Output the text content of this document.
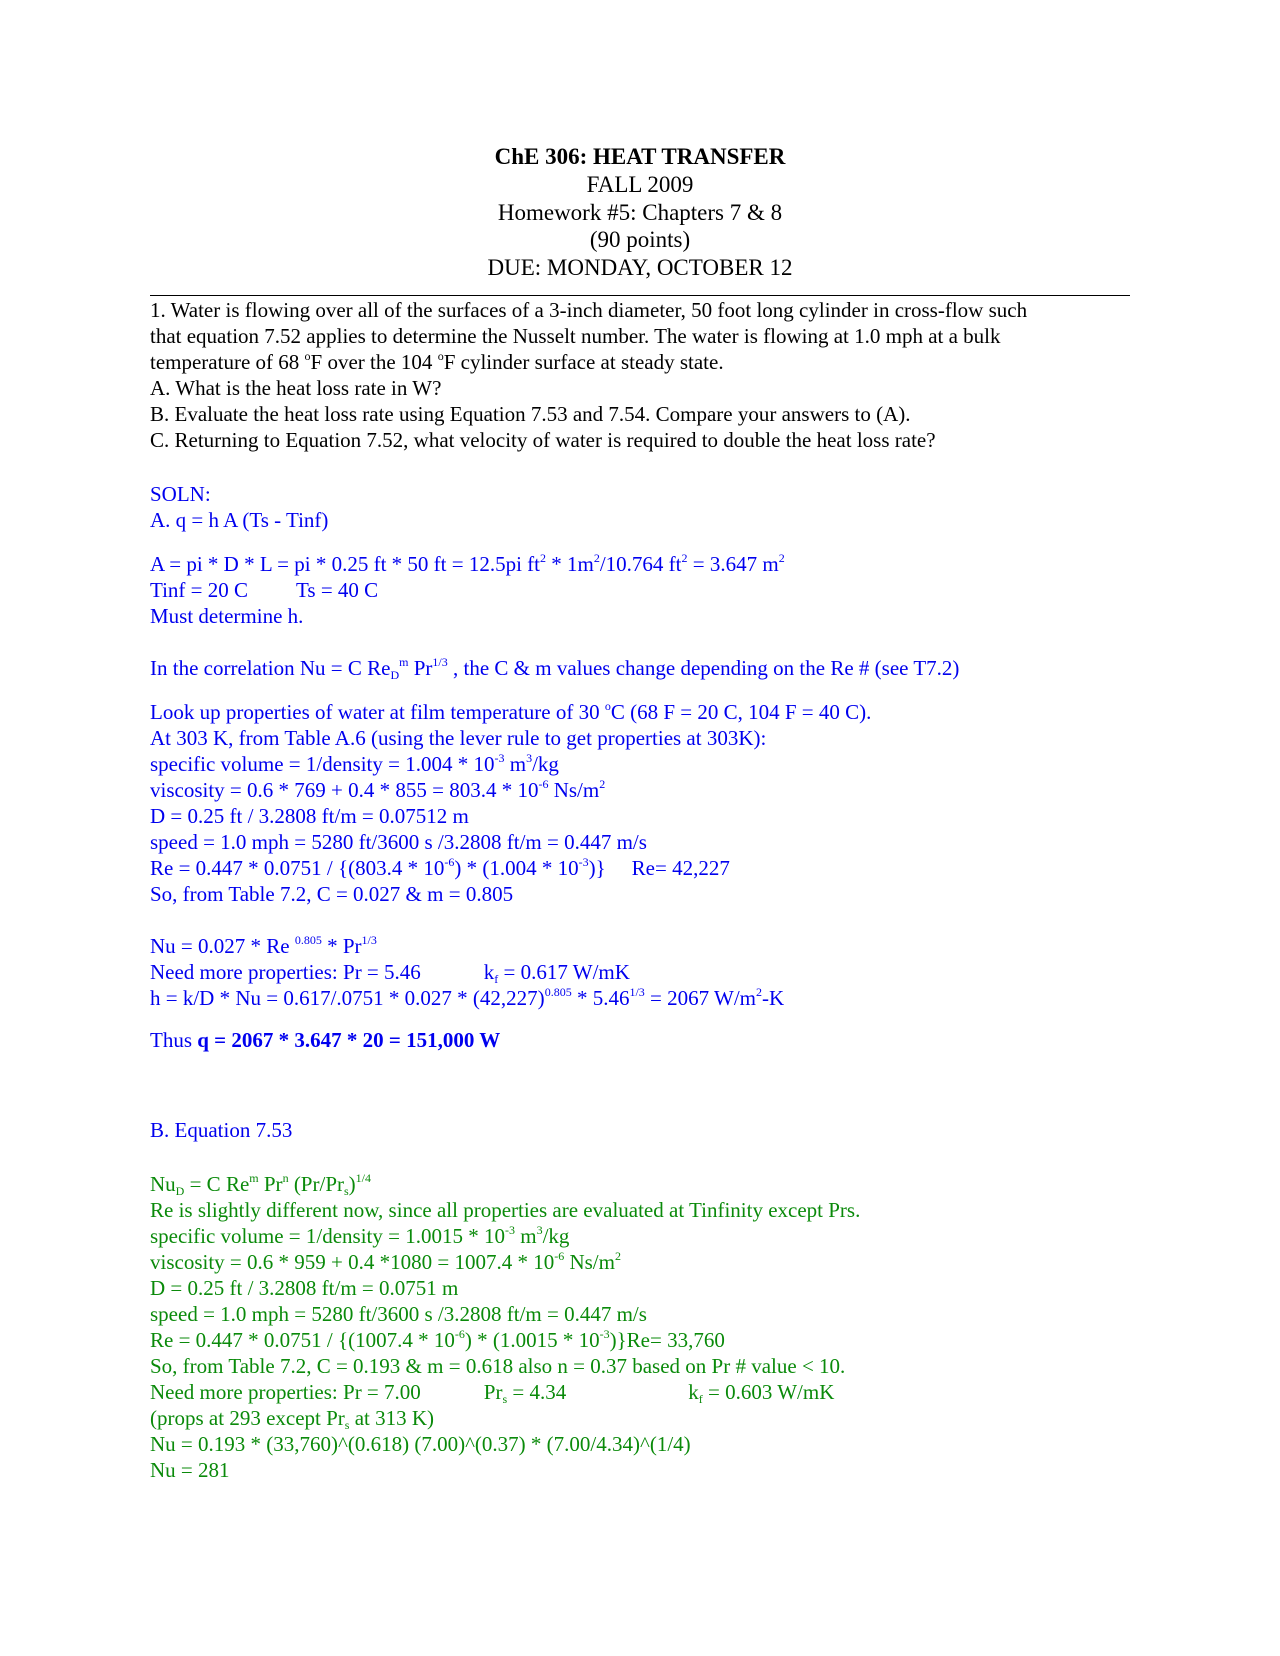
ChE 306: HEAT TRANSFER
FALL 2009
Homework #5: Chapters 7 & 8
(90 points)
DUE: MONDAY, OCTOBER 12
1. Water is flowing over all of the surfaces of a 3-inch diameter, 50 foot long cylinder in cross-flow such
that equation 7.52 applies to determine the Nusselt number. The water is flowing at 1.0 mph at a bulk
temperature of 68 $^o$F over the 104 $^o$F cylinder surface at steady state.
A. What is the heat loss rate in W?
B. Evaluate the heat loss rate using Equation 7.53 and 7.54. Compare your answers to (A).
C. Returning to Equation 7.52, what velocity of water is required to double the heat loss rate?
SOLN:
A. q = h A (Ts - Tinf)
A = pi * D * L = pi * 0.25 ft * 50 ft = 12.5pi $ft^2 * 1m^2/10.764$ $ft^2 = 3.647$ $m^2$
Tinf = 20 C Ts = 40 C
Must determine h.
In the correlation Nu = C $Re_D^m$ $Pr^{1/3}$ , the C & m values change depending on the Re # (see T7.2)
Look up properties of water at film temperature of 30 $^o$C (68 F = 20 C, 104 F = 40 C).
At 303 K, from Table A.6 (using the lever rule to get properties at 303K):
specific volume = 1/density = $1.004 * 10^{-3}$ $m^3/kg$
viscosity = $0.6 * 769 + 0.4 * 855 = 803.4 * 10^{-6}$ $Ns/m^2$
D = 0.25 ft / 3.2808 ft/m = 0.07512 m
speed = 1.0 mph = 5280 ft/3600 s /3.2808 ft/m = 0.447 m/s
$Re = 0.447 * 0.0751 / \{(803.4 * 10^{-6}) * (1.004 * 10^{-3})\}$ Re= 42,227
So, from Table 7.2, C = 0.027 & m = 0.805
Nu = 0.027 * Re $^{0.805} * Pr^{1/3}$
Need more properties: Pr = 5.46	$k_f = 0.617$ W/mK
$h = k/D * Nu = 0.617/.0751 * 0.027 * (42,227)^{0.805} * 5.46^{1/3} = 2067$ $W/m^2-K$
Thus q = 2067 * 3.647 * 20 = 151,000 W
B. Equation 7.53
$Nu_D = C$ Re$^m$ Pr$^n$ $(Pr/Pr_s)^{1/4}$
Re is slightly different now, since all properties are evaluated at Tinfinity except Prs.
specific volume = 1/density = $1.0015 * 10^{-3}$ $m^3/kg$
viscosity = 0.6 * 959 + 0.4 $*1080 = 1007.4 * 10^{-6}$ $Ns/m^2$
D = 0.25 ft / 3.2808 ft/m = 0.0751 m
speed = 1.0 mph = 5280 ft/3600 s /3.2808 ft/m = 0.447 m/s
$Re = 0.447 * 0.0751 / \{(1007.4 * 10^{-6}) * (1.0015 * 10^{-3})\}Re= 33,760$
So, from Table 7.2, C = 0.193 & m = 0.618 also n = 0.37 based on Pr # value < 10.
Need more properties: Pr = 7.00	$Pr_s = 4.34$	$k_f = 0.603$ W/mK
(props at 293 except $Pr_s$ at 313 K)
Nu = 0.193 * (33,760)^(0.618) (7.00)^(0.37) * (7.00/4.34)^(1/4)
Nu = 281
